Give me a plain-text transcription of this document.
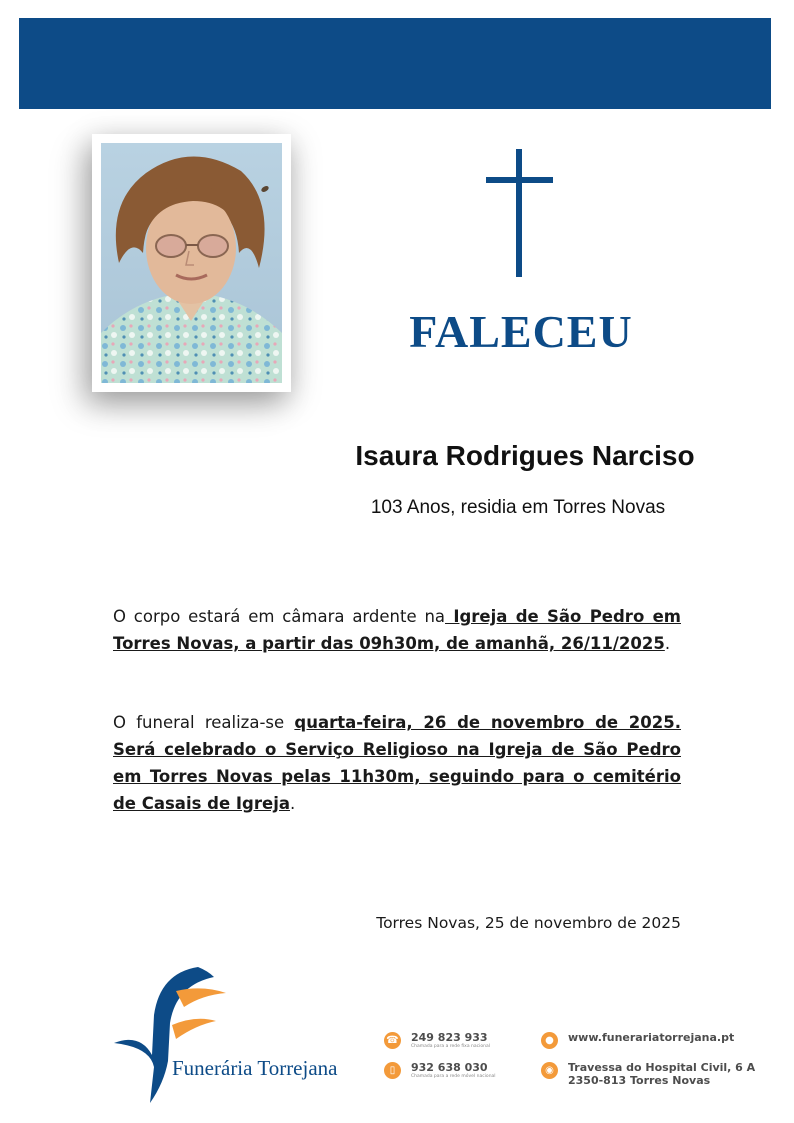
FALECEU
Isaura Rodrigues Narciso
103 Anos, residia em Torres Novas

O corpo estará em câmara ardente na Igreja de São Pedro em Torres Novas, a partir das 09h30m, de amanhã, 26/11/2025.

O funeral realiza-se quarta-feira, 26 de novembro de 2025. Será celebrado o Serviço Religioso na Igreja de São Pedro em Torres Novas pelas 11h30m, seguindo para o cemitério de Casais de Igreja.

Torres Novas, 25 de novembro de 2025
Funerária Torrejana
☎ 249 823 933
Chamada para a rede fixa nacional
▯	932 638 030
Chamada para a rede móvel nacional
●	www.funerariatorrejana.pt
◉	Travessa do Hospital Civil, 6 A
2350-813 Torres Novas
